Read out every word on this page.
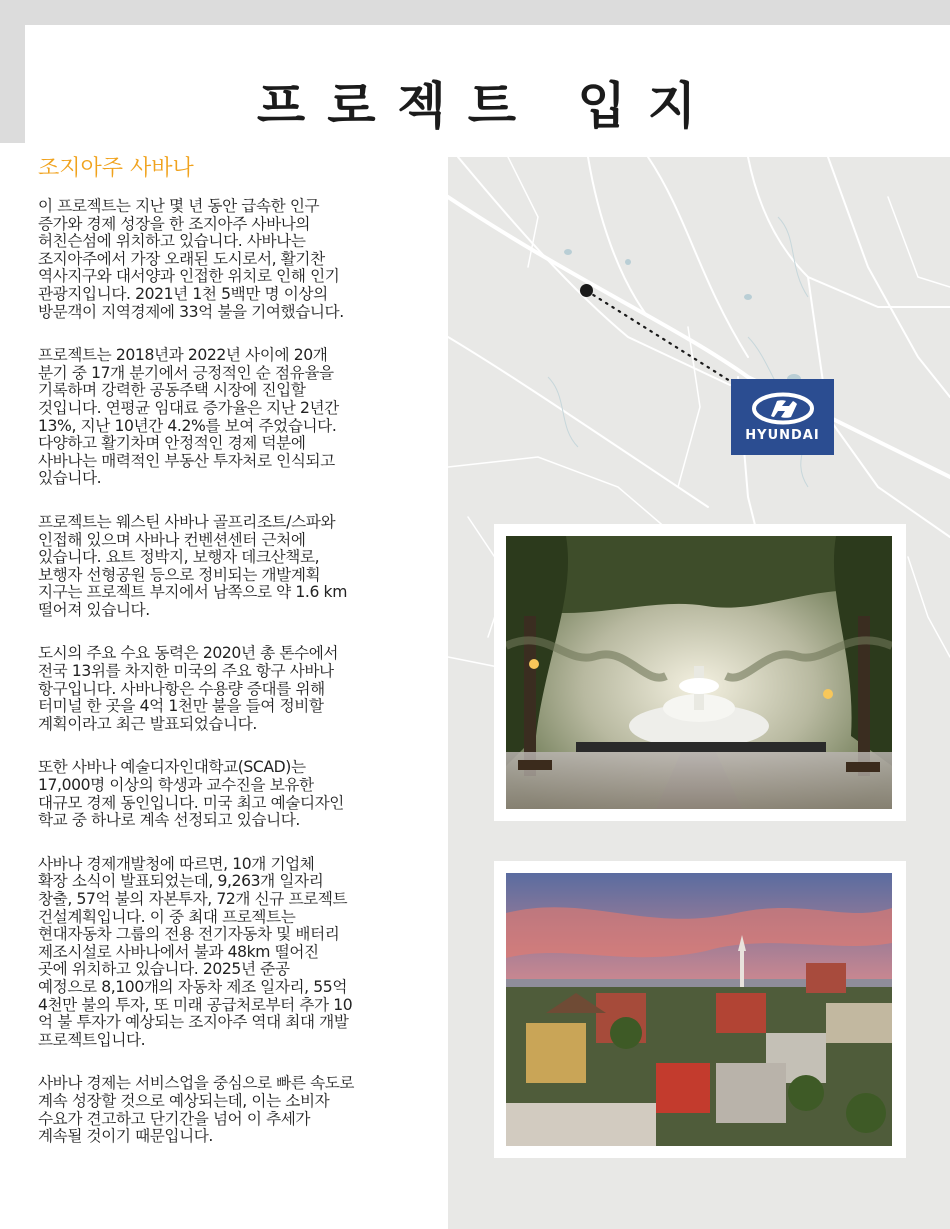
프로젝트 입지
조지아주 사바나

이 프로젝트는 지난 몇 년 동안 급속한 인구
증가와 경제 성장을 한 조지아주 사바나의
허친슨섬에 위치하고 있습니다. 사바나는
조지아주에서 가장 오래된 도시로서, 활기찬
역사지구와 대서양과 인접한 위치로 인해 인기
관광지입니다. 2021년 1천 5백만 명 이상의
방문객이 지역경제에 33억 불을 기여했습니다.

프로젝트는 2018년과 2022년 사이에 20개
분기 중 17개 분기에서 긍정적인 순 점유율을
기록하며 강력한 공동주택 시장에 진입할
것입니다. 연평균 임대료 증가율은 지난 2년간
13%, 지난 10년간 4.2%를 보여 주었습니다.
다양하고 활기차며 안정적인 경제 덕분에
사바나는 매력적인 부동산 투자처로 인식되고
있습니다.

프로젝트는 웨스틴 사바나 골프리조트/스파와
인접해 있으며 사바나 컨벤션센터 근처에
있습니다. 요트 정박지, 보행자 데크산책로,
보행자 선형공원 등으로 정비되는 개발계획
지구는 프로젝트 부지에서 남쪽으로 약 1.6 km
떨어져 있습니다.

도시의 주요 수요 동력은 2020년 총 톤수에서
전국 13위를 차지한 미국의 주요 항구 사바나
항구입니다. 사바나항은 수용량 증대를 위해
터미널 한 곳을 4억 1천만 불을 들여 정비할
계획이라고 최근 발표되었습니다.

또한 사바나 예술디자인대학교(SCAD)는
17,000명 이상의 학생과 교수진을 보유한
대규모 경제 동인입니다. 미국 최고 예술디자인
학교 중 하나로 계속 선정되고 있습니다.

사바나 경제개발청에 따르면, 10개 기업체
확장 소식이 발표되었는데, 9,263개 일자리
창출, 57억 불의 자본투자, 72개 신규 프로젝트
건설계획입니다. 이 중 최대 프로젝트는
현대자동차 그룹의 전용 전기자동차 및 배터리
제조시설로 사바나에서 불과 48km 떨어진
곳에 위치하고 있습니다. 2025년 준공
예정으로 8,100개의 자동차 제조 일자리, 55억
4천만 불의 투자, 또 미래 공급처로부터 추가 10
억 불 투자가 예상되는 조지아주 역대 최대 개발
프로젝트입니다.

사바나 경제는 서비스업을 중심으로 빠른 속도로
계속 성장할 것으로 예상되는데, 이는 소비자
수요가 견고하고 단기간을 넘어 이 추세가
계속될 것이기 때문입니다.

HYUNDAI
